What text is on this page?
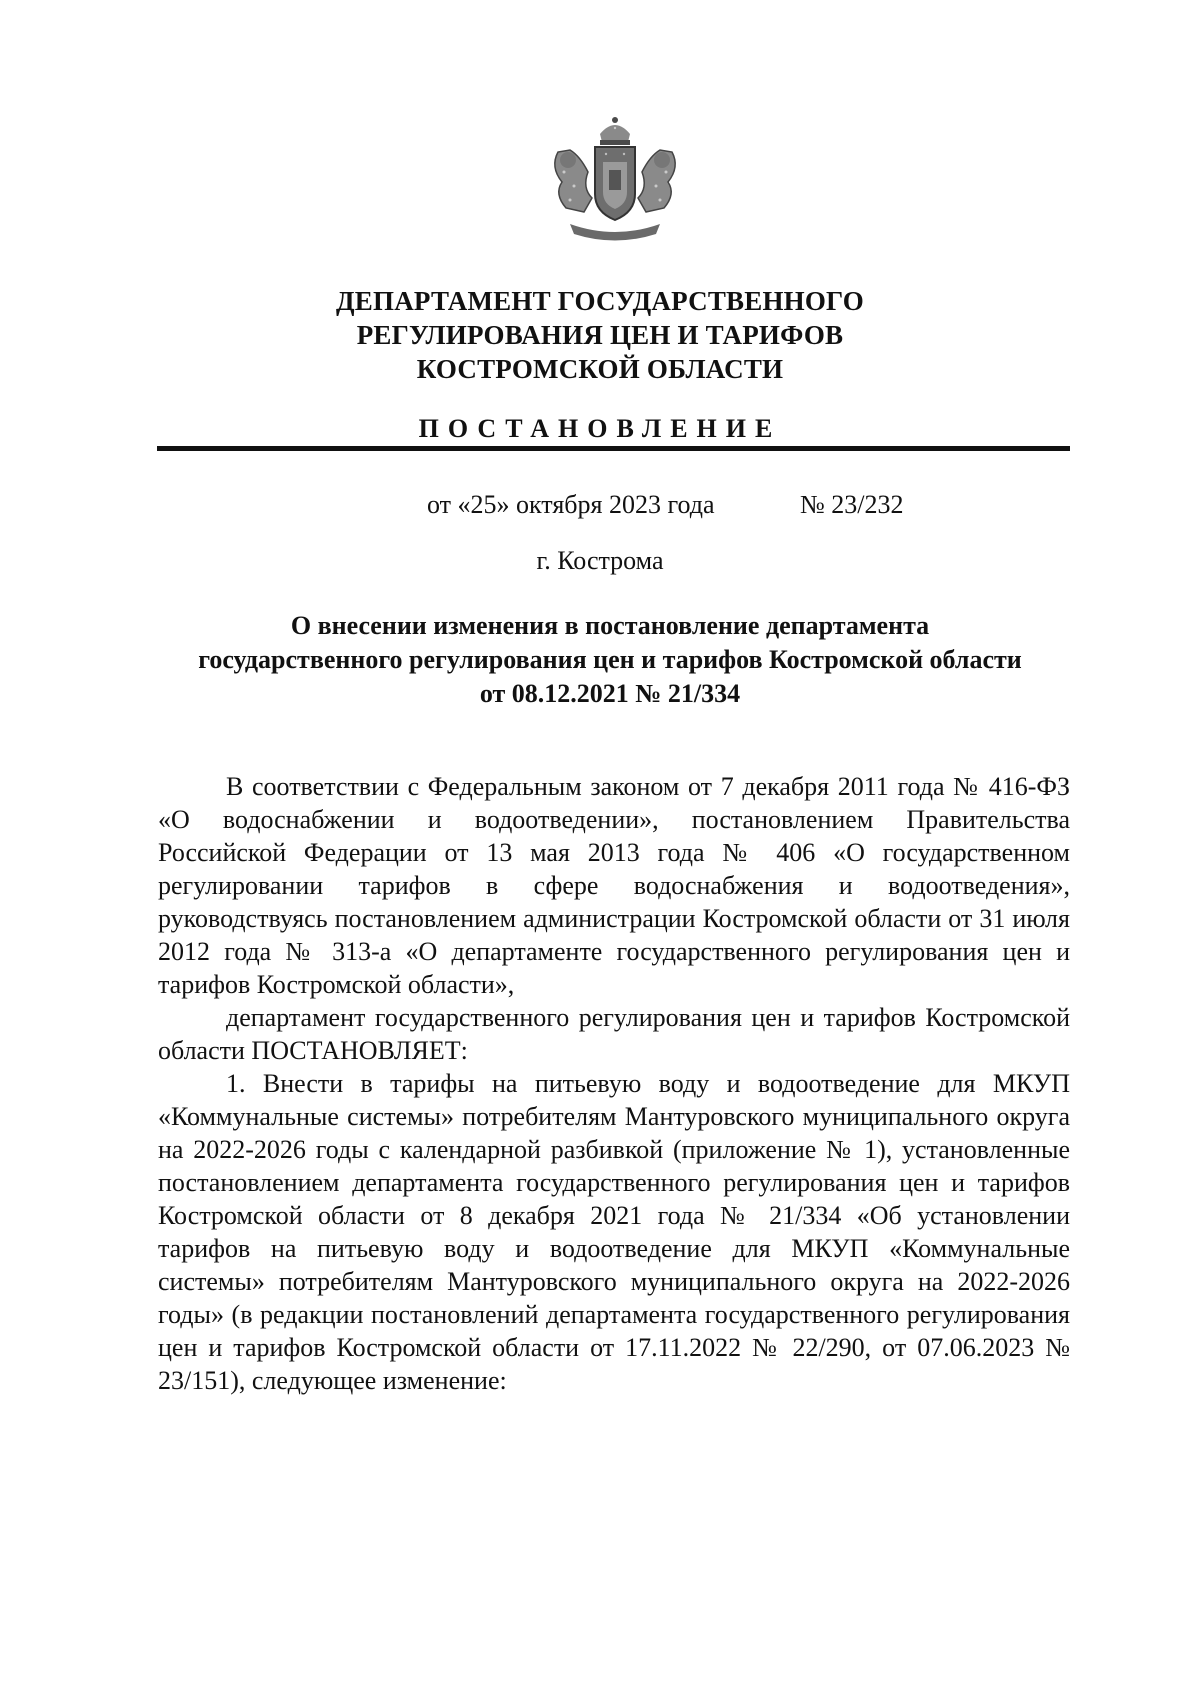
ДЕПАРТАМЕНТ ГОСУДАРСТВЕННОГО
РЕГУЛИРОВАНИЯ ЦЕН И ТАРИФОВ
КОСТРОМСКОЙ ОБЛАСТИ
ПОСТАНОВЛЕНИЕ
от «25» октября 2023 года	№ 23/232
г. Кострома
О внесении изменения в постановление департамента
государственного регулирования цен и тарифов Костромской области
от 08.12.2021 № 21/334

В соответствии с Федеральным законом от 7 декабря 2011 года № 416-ФЗ «О водоснабжении и водоотведении», постановлением Правительства Российской Федерации от 13 мая 2013 года № 406 «О государственном регулировании тарифов в сфере водоснабжения и водоотведения», руководствуясь постановлением администрации Костромской области от 31 июля 2012 года № 313-а «О департаменте государственного регулирования цен и тарифов Костромской области»,

департамент государственного регулирования цен и тарифов Костромской области ПОСТАНОВЛЯЕТ:

1. Внести в тарифы на питьевую воду и водоотведение для МКУП «Коммунальные системы» потребителям Мантуровского муниципального округа на 2022-2026 годы с календарной разбивкой (приложение № 1), установленные постановлением департамента государственного регулирования цен и тарифов Костромской области от 8 декабря 2021 года № 21/334 «Об установлении тарифов на питьевую воду и водоотведение для МКУП «Коммунальные системы» потребителям Мантуровского муниципального округа на 2022-2026 годы» (в редакции постановлений департамента государственного регулирования цен и тарифов Костромской области от 17.11.2022 № 22/290, от 07.06.2023 № 23/151), следующее изменение:
